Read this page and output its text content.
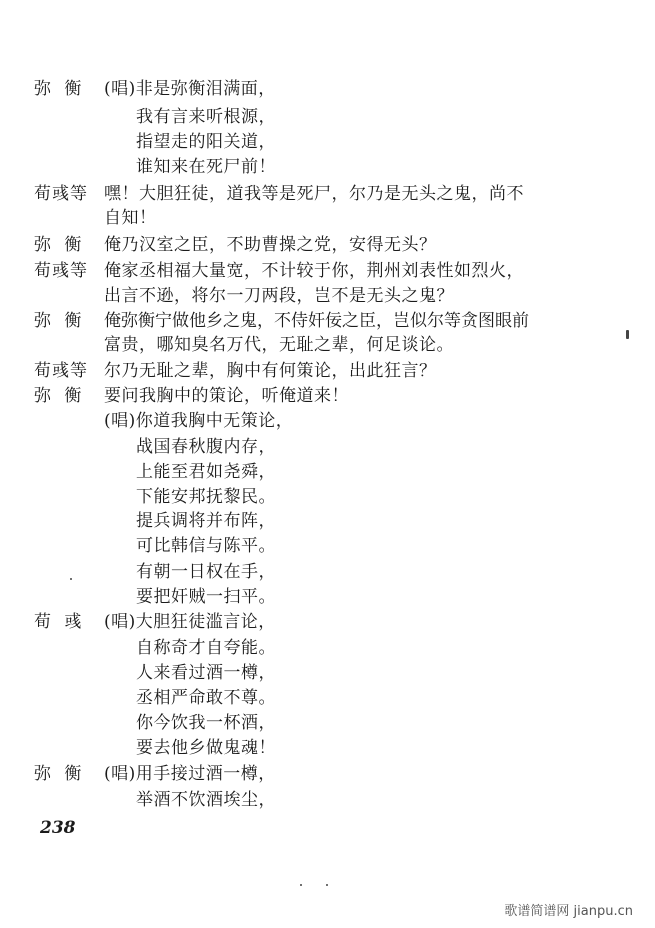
弥 衡 (唱)非是弥衡泪满面，
我有言来听根源，
指望走的阳关道，
谁知来在死尸前！
荀彧等 嘿！大胆狂徒，道我等是死尸，尔乃是无头之鬼，尚不
自知！
弥 衡 俺乃汉室之臣，不助曹操之党，安得无头？
荀彧等 俺家丞相福大量宽，不计较于你，荆州刘表性如烈火，
出言不逊，将尔一刀两段，岂不是无头之鬼？
弥 衡 俺弥衡宁做他乡之鬼，不侍奸佞之臣，岂似尔等贪图眼前
富贵，哪知臭名万代，无耻之辈，何足谈论。
荀彧等 尔乃无耻之辈，胸中有何策论，出此狂言？
弥 衡 要问我胸中的策论，听俺道来！
(唱)你道我胸中无策论，
战国春秋腹内存，
上能至君如尧舜，
下能安邦抚黎民。
提兵调将并布阵，
可比韩信与陈平。
有朝一日权在手，
要把奸贼一扫平。
荀 彧 (唱)大胆狂徒滥言论，
自称奇才自夸能。
人来看过酒一樽，
丞相严命敢不尊。
你今饮我一杯酒，
要去他乡做鬼魂！
弥 衡 (唱)用手接过酒一樽，
举酒不饮酒埃尘，
238
歌谱简谱网 jianpu.cn
